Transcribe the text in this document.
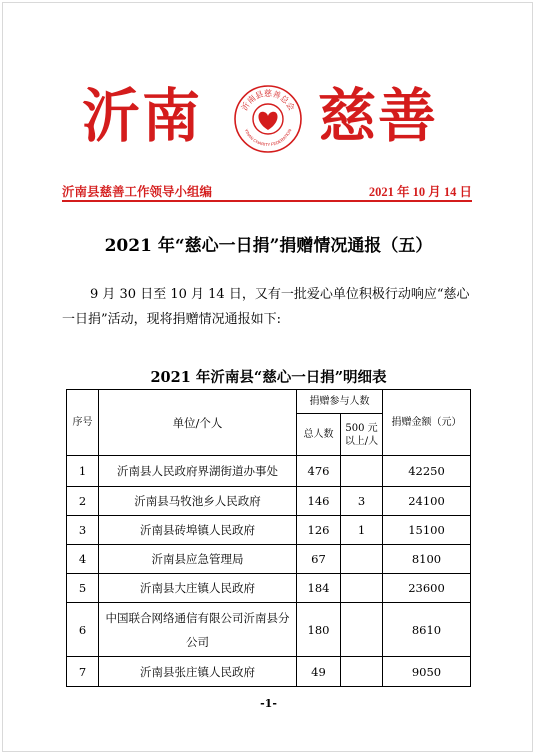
沂南	沂南县慈善总会
YINAN CHARITY FEDERATION 慈善
沂南县慈善工作领导小组编	2021 年 10 月 14 日
2021 年“慈心一日捐”捐赠情况通报（五）
9 月 30 日至 10 月 14 日，又有一批爱心单位积极行动响应“慈心一日捐”活动，现将捐赠情况通报如下:
2021 年沂南县“慈心一日捐”明细表
序号	单位/个人	捐赠参与人数		捐赠金额（元）
		总人数	500 元以上/人	
1	沂南县人民政府界湖街道办事处	476		42250
2	沂南县马牧池乡人民政府	146	3	24100
3	沂南县砖埠镇人民政府	126	1	15100
4	沂南县应急管理局	67		8100
5	沂南县大庄镇人民政府	184		23600
6	中国联合网络通信有限公司沂南县分公司	180		8610
7	沂南县张庄镇人民政府	49		9050
-1-
